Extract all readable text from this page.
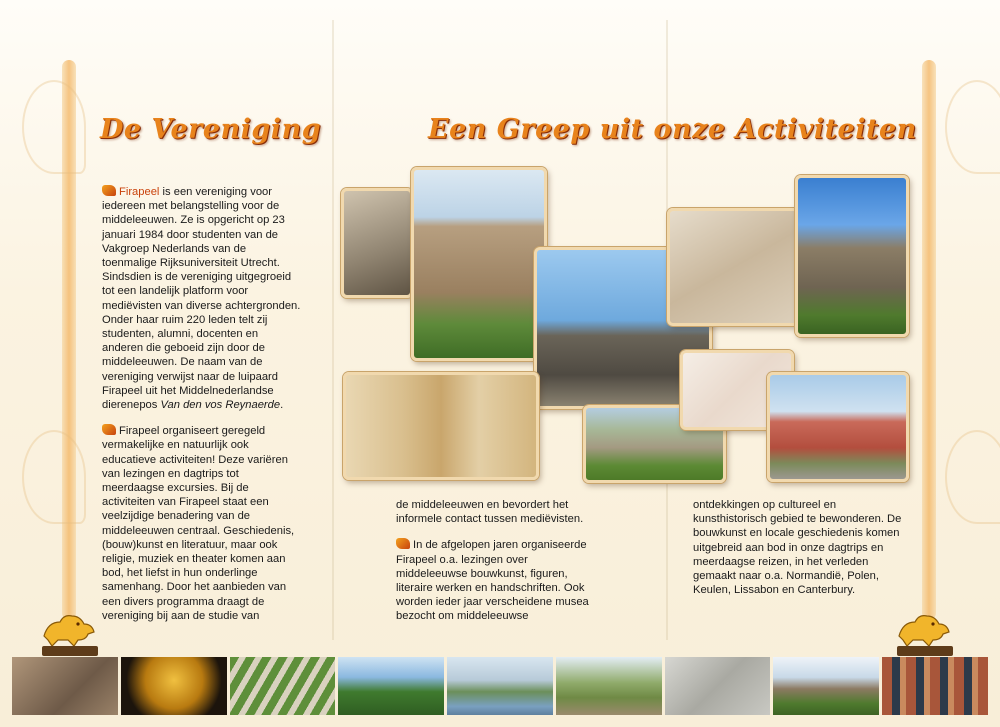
De Vereniging	Een Greep uit onze Activiteiten

Firapeel is een vereniging voor iedereen met belangstelling voor de middeleeuwen. Ze is opgericht op 23 januari 1984 door studenten van de Vakgroep Nederlands van de toenmalige Rijksuniversiteit Utrecht. Sindsdien is de vereniging uitgegroeid tot een landelijk platform voor mediëvisten van diverse achtergronden. Onder haar ruim 220 leden telt zij studenten, alumni, docenten en anderen die geboeid zijn door de middeleeuwen. De naam van de vereniging verwijst naar de luipaard Firapeel uit het Middelnederlandse dierenepos Van den vos Reynaerde.

Firapeel organiseert geregeld vermakelijke en natuurlijk ook educatieve activiteiten! Deze variëren van lezingen en dagtrips tot meerdaagse excursies. Bij de activiteiten van Firapeel staat een veelzijdige benadering van de middeleeuwen centraal. Geschiedenis, (bouw)kunst en literatuur, maar ook religie, muziek en theater komen aan bod, het liefst in hun onderlinge samenhang. Door het aanbieden van een divers programma draagt de vereniging bij aan de studie van

de middeleeuwen en bevordert het informele contact tussen mediëvisten.

In de afgelopen jaren organiseerde Firapeel o.a. lezingen over middeleeuwse bouwkunst, figuren, literaire werken en handschriften. Ook worden ieder jaar verscheidene musea bezocht om middeleeuwse

ontdekkingen op cultureel en kunsthistorisch gebied te bewonderen. De bouwkunst en locale geschiedenis komen uitgebreid aan bod in onze dagtrips en meerdaagse reizen, in het verleden gemaakt naar o.a. Normandië, Polen, Keulen, Lissabon en Canterbury.
